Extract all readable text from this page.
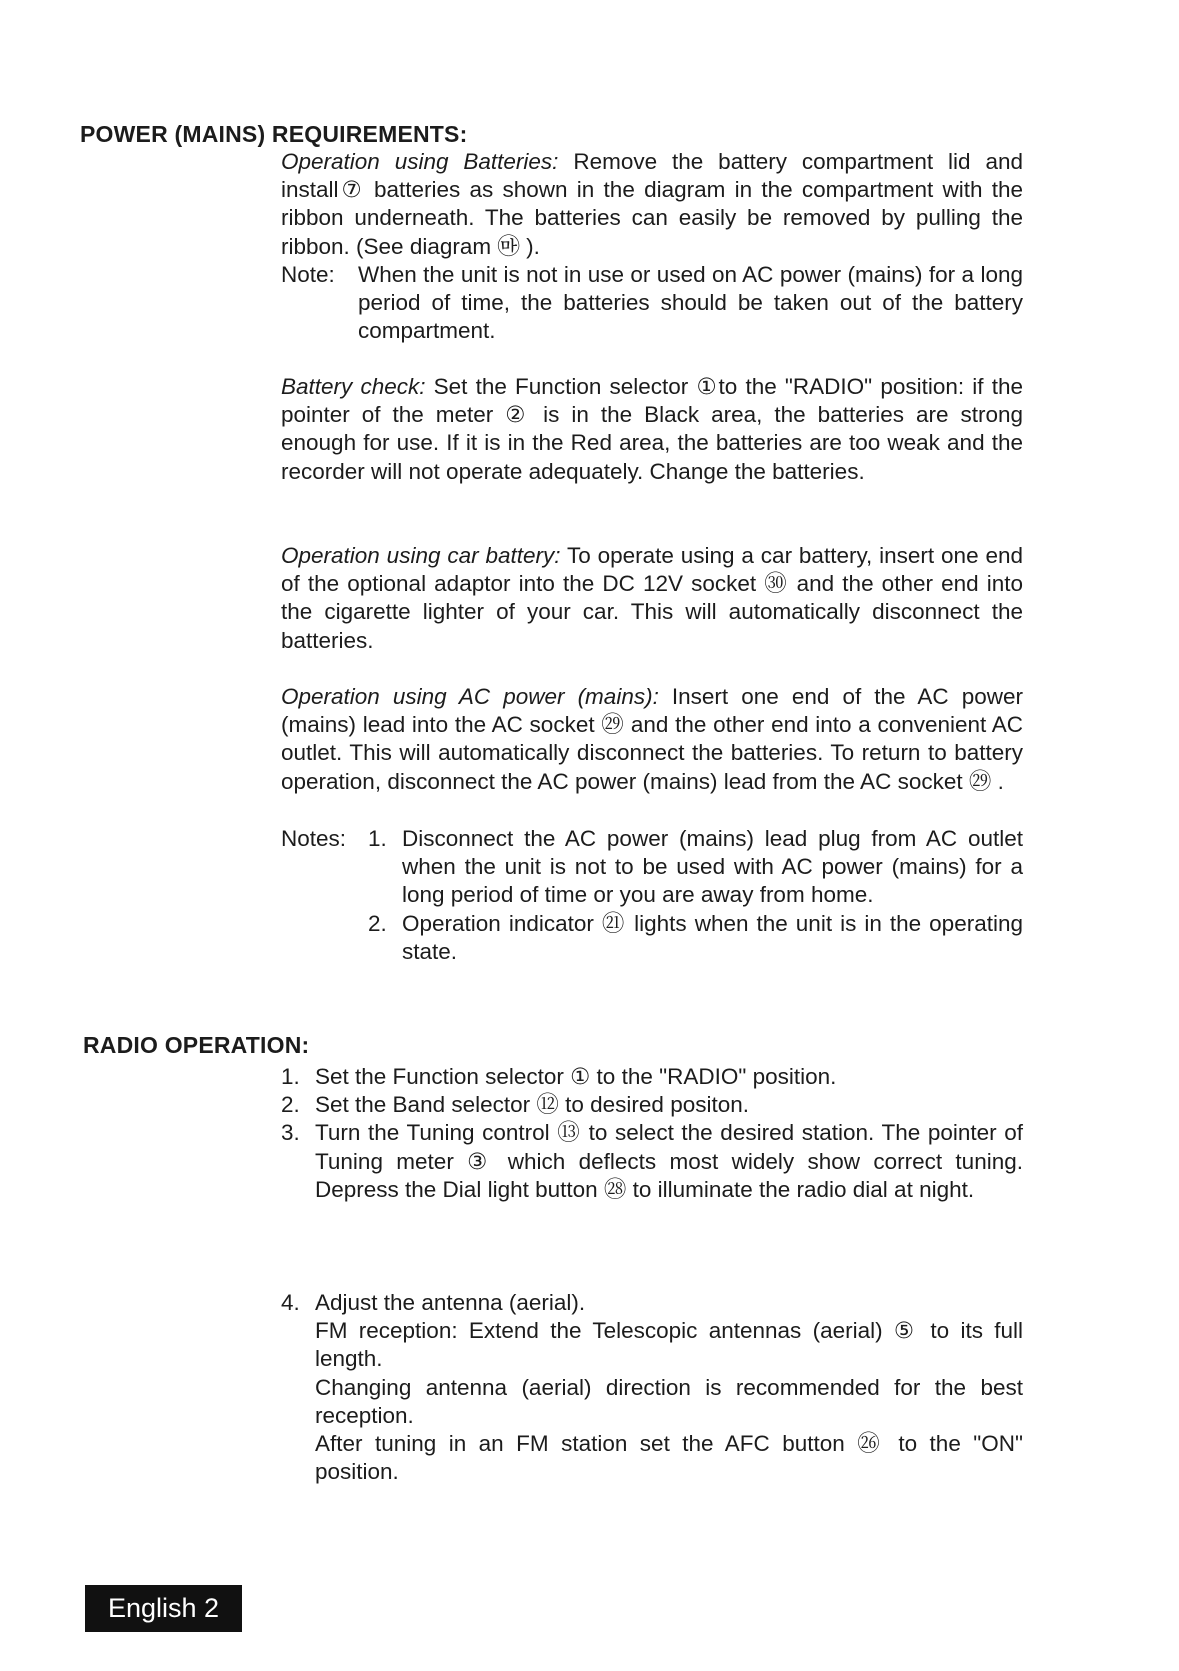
POWER (MAINS) REQUIREMENTS:

Operation using Batteries: Remove the battery compartment lid and install⑦ batteries as shown in the diagram in the compartment with the ribbon underneath. The batteries can easily be removed by pulling the ribbon. (See diagram ㉲ ).

Note:	When the unit is not in use or used on AC power (mains) for a long period of time, the batteries should be taken out of the battery compartment.

Battery check: Set the Function selector ①to the "RADIO" position: if the pointer of the meter ② is in the Black area, the batteries are strong enough for use. If it is in the Red area, the batteries are too weak and the recorder will not operate adequately. Change the batteries.

Operation using car battery: To operate using a car battery, insert one end of the optional adaptor into the DC 12V socket ㉚ and the other end into the cigarette lighter of your car. This will automatically disconnect the batteries.

Operation using AC power (mains): Insert one end of the AC power (mains) lead into the AC socket ㉙ and the other end into a convenient AC outlet. This will automatically disconnect the batteries. To return to battery operation, disconnect the AC power (mains) lead from the AC socket ㉙ .

Notes: 1. Disconnect the AC power (mains) lead plug from AC outlet when the unit is not to be used with AC power (mains) for a long period of time or you are away from home.
2. Operation indicator ㉑ lights when the unit is in the operating state.
RADIO OPERATION:
1. Set the Function selector ① to the "RADIO" position.
2. Set the Band selector ⑫ to desired positon.
3. Turn the Tuning control ⑬ to select the desired station. The pointer of Tuning meter ③ which deflects most widely show correct tuning. Depress the Dial light button ㉘ to illuminate the radio dial at night.
4. Adjust the antenna (aerial).
FM reception: Extend the Telescopic antennas (aerial) ⑤ to its full length.
Changing antenna (aerial) direction is recommended for the best reception.
After tuning in an FM station set the AFC button ㉖ to the "ON" position.
English 2
